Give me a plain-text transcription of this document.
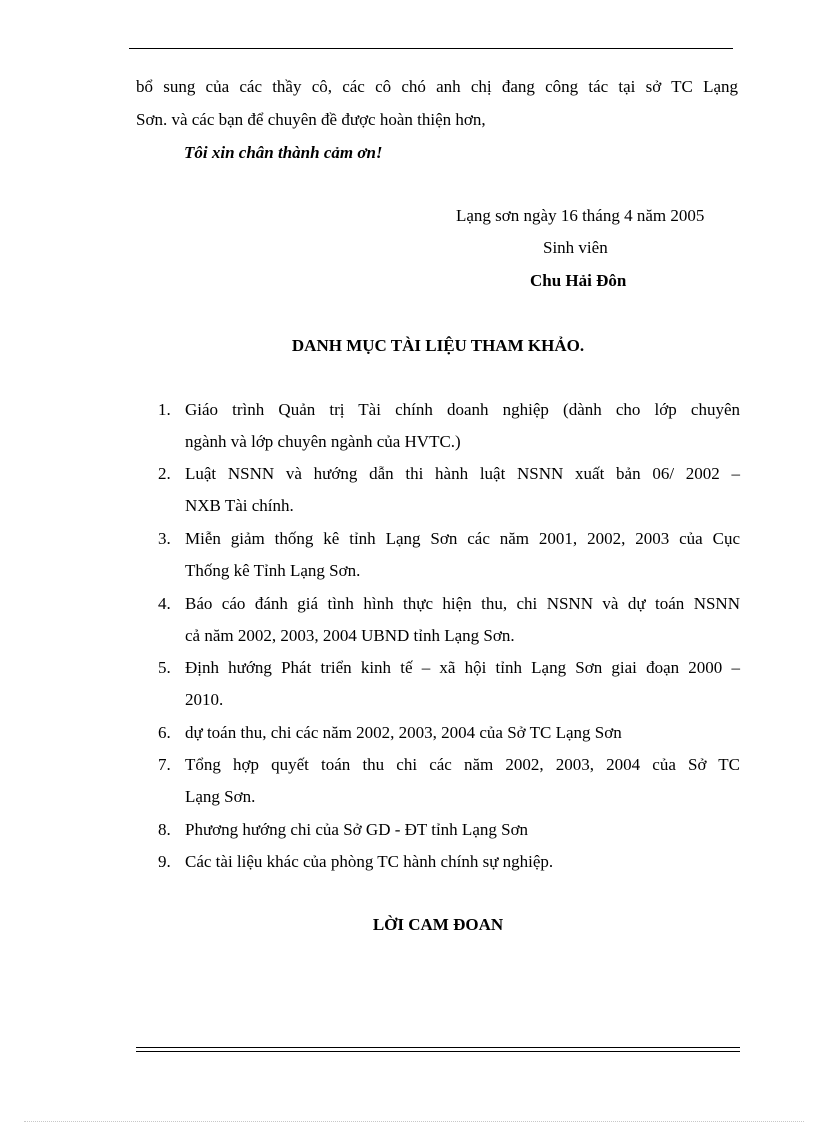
bổ sung của các thầy cô, các cô chó anh chị đang công tác tại sở TC Lạng
Sơn. và các bạn để chuyên đề được hoàn thiện hơn,
Tôi xin chân thành cảm ơn!
Lạng sơn ngày 16 tháng 4 năm 2005
Sinh viên
Chu Hải Đôn
DANH MỤC TÀI LIỆU THAM KHẢO.
1. Giáo trình Quản trị Tài chính doanh nghiệp (dành cho lớp chuyên
ngành và lớp chuyên ngành của HVTC.)
2. Luật NSNN và hướng dẫn thi hành luật NSNN xuất bản 06/ 2002 –
NXB Tài chính.
3. Miễn giảm thống kê tỉnh Lạng Sơn các năm 2001, 2002, 2003 của Cục
Thống kê Tỉnh Lạng Sơn.
4. Báo cáo đánh giá tình hình thực hiện thu, chi NSNN và dự toán NSNN
cả năm 2002, 2003, 2004 UBND tỉnh Lạng Sơn.
5. Định hướng Phát triển kinh tế – xã hội tỉnh Lạng Sơn giai đoạn 2000 –
2010.
6. dự toán thu, chi các năm 2002, 2003, 2004 của Sở TC Lạng Sơn
7. Tổng hợp quyết toán thu chi các năm 2002, 2003, 2004 của Sở TC
Lạng Sơn.
8. Phương hướng chi của Sở GD - ĐT tỉnh Lạng Sơn
9. Các tài liệu khác của phòng TC hành chính sự nghiệp.
LỜI CAM ĐOAN
